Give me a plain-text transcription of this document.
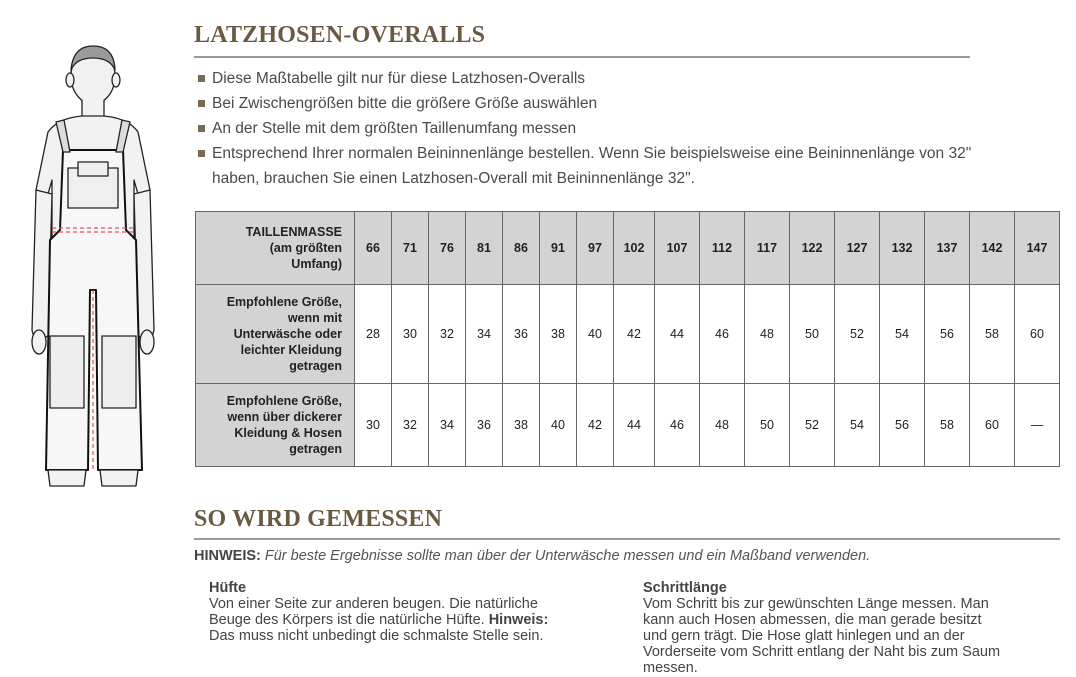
LATZHOSEN-OVERALLS
Diese Maßtabelle gilt nur für diese Latzhosen-Overalls
Bei Zwischengrößen bitte die größere Größe auswählen
An der Stelle mit dem größten Taillenumfang messen
Entsprechend Ihrer normalen Beininnenlänge bestellen. Wenn Sie beispielsweise eine Beininnenlänge von 32" haben, brauchen Sie einen Latzhosen-Overall mit Beininnenlänge 32".
TAILLENMASSE
(am größten
Umfang)	66	71	76	81	86	91	97	102	107	112	117	122	127	132	137	142	147
Empfohlene Größe,
wenn mit
Unterwäsche oder
leichter Kleidung
getragen	28	30	32	34	36	38	40	42	44	46	48	50	52	54	56	58	60
Empfohlene Größe,
wenn über dickerer
Kleidung & Hosen
getragen	30	32	34	36	38	40	42	44	46	48	50	52	54	56	58	60	—
SO WIRD GEMESSEN
HINWEIS: Für beste Ergebnisse sollte man über der Unterwäsche messen und ein Maßband verwenden.
Hüfte
Von einer Seite zur anderen beugen. Die natürliche
Beuge des Körpers ist die natürliche Hüfte. Hinweis:
Das muss nicht unbedingt die schmalste Stelle sein.
Schrittlänge
Vom Schritt bis zur gewünschten Länge messen. Man
kann auch Hosen abmessen, die man gerade besitzt
und gern trägt. Die Hose glatt hinlegen und an der
Vorderseite vom Schritt entlang der Naht bis zum Saum
messen.
